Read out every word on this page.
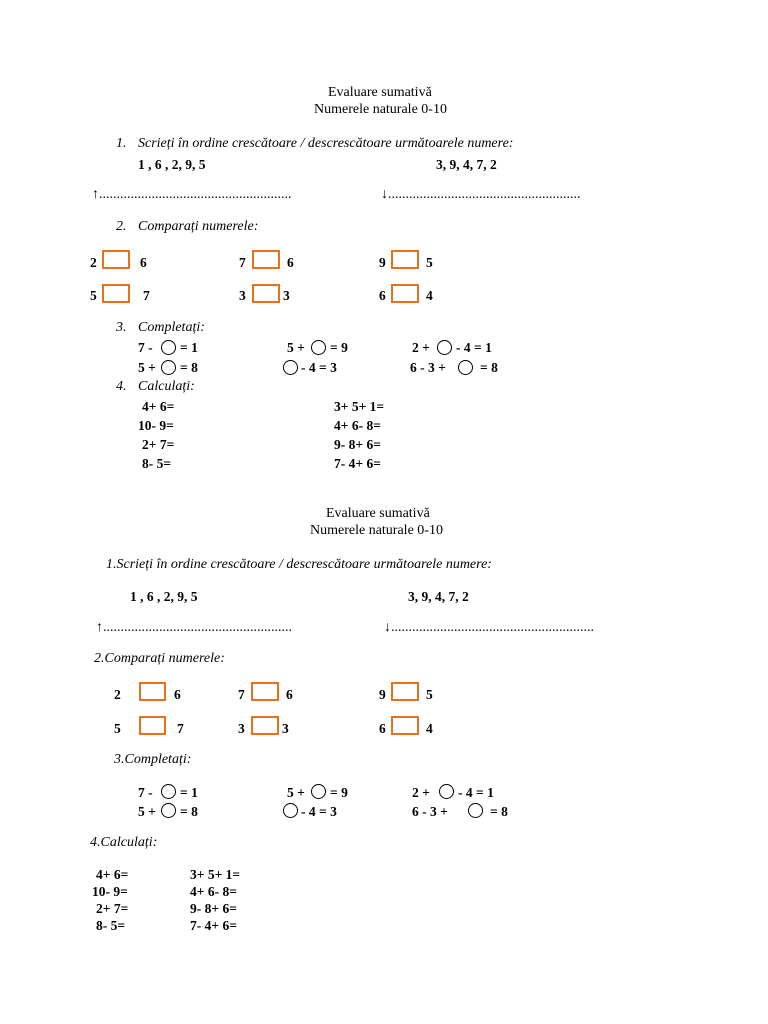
Evaluare sumativă
Numerele naturale 0-10
1. Scrieți în ordine crescătoare / descrescătoare următoarele numere:
1 , 6 , 2, 9, 5	3, 9, 4, 7, 2
↑.......................................................	↓.......................................................
2. Comparați numerele:
2	6	7	6	9	5
5	7	3	3	6	4
3. Completați:
7 - = 1	5 + = 9	2 + - 4 = 1
5 + = 8	- 4 = 3	6 - 3 +	= 8
4. Calculați:
4+ 6=
10- 9=
2+ 7=
8- 5=
3+ 5+ 1=
4+ 6- 8=
9- 8+ 6=
7- 4+ 6=
Evaluare sumativă
Numerele naturale 0-10
1.Scrieți în ordine crescătoare / descrescătoare următoarele numere:
1 , 6 , 2, 9, 5	3, 9, 4, 7, 2
↑......................................................	↓..........................................................
2.Comparați numerele:
2	6	7	6	9	5
5	7	3	3	6	4
3.Completați:
7 - = 1	5 + = 9	2 + - 4 = 1
5 + = 8	- 4 = 3	6 - 3 +	= 8
4.Calculați:
4+ 6=
10- 9=
2+ 7=
8- 5=
3+ 5+ 1=
4+ 6- 8=
9- 8+ 6=
7- 4+ 6=
